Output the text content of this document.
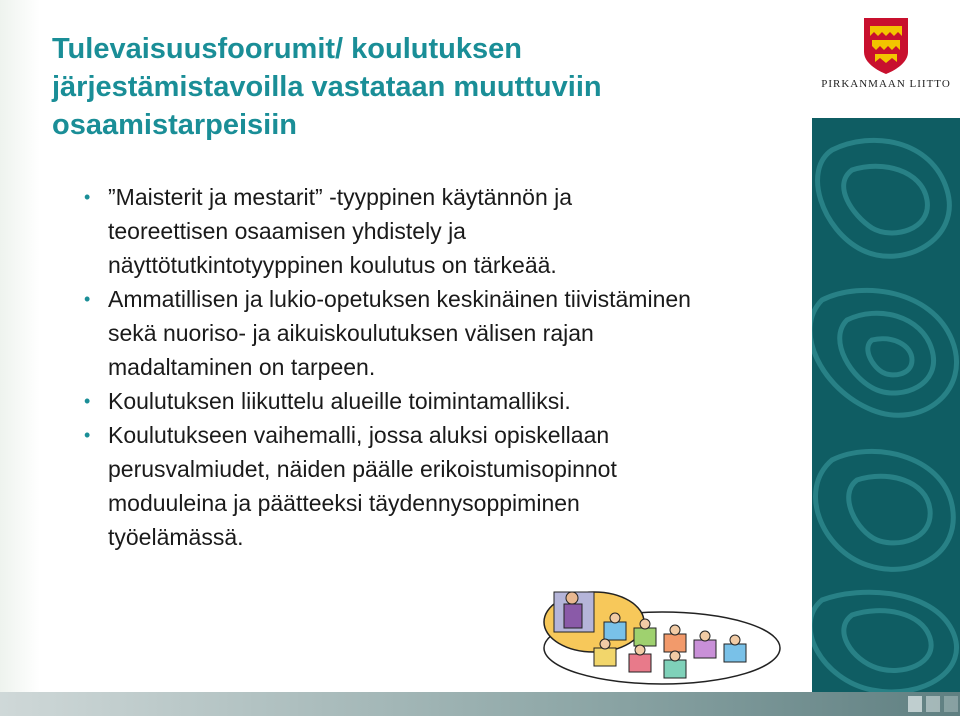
Tulevaisuusfoorumit/ koulutuksen
järjestämistavoilla vastataan muuttuviin
osaamistarpeisiin
• ”Maisterit ja mestarit” -tyyppinen käytännön ja
teoreettisen osaamisen yhdistely ja
näyttötutkintotyyppinen koulutus on tärkeää.
• Ammatillisen ja lukio-opetuksen keskinäinen tiivistäminen
sekä nuoriso- ja aikuiskoulutuksen välisen rajan
madaltaminen on tarpeen.
• Koulutuksen liikuttelu alueille toimintamalliksi.
• Koulutukseen vaihemalli, jossa aluksi opiskellaan
perusvalmiudet, näiden päälle erikoistumisopinnot
moduuleina ja päätteeksi täydennysoppiminen
työelämässä.
PIRKANMAAN LIITTO
